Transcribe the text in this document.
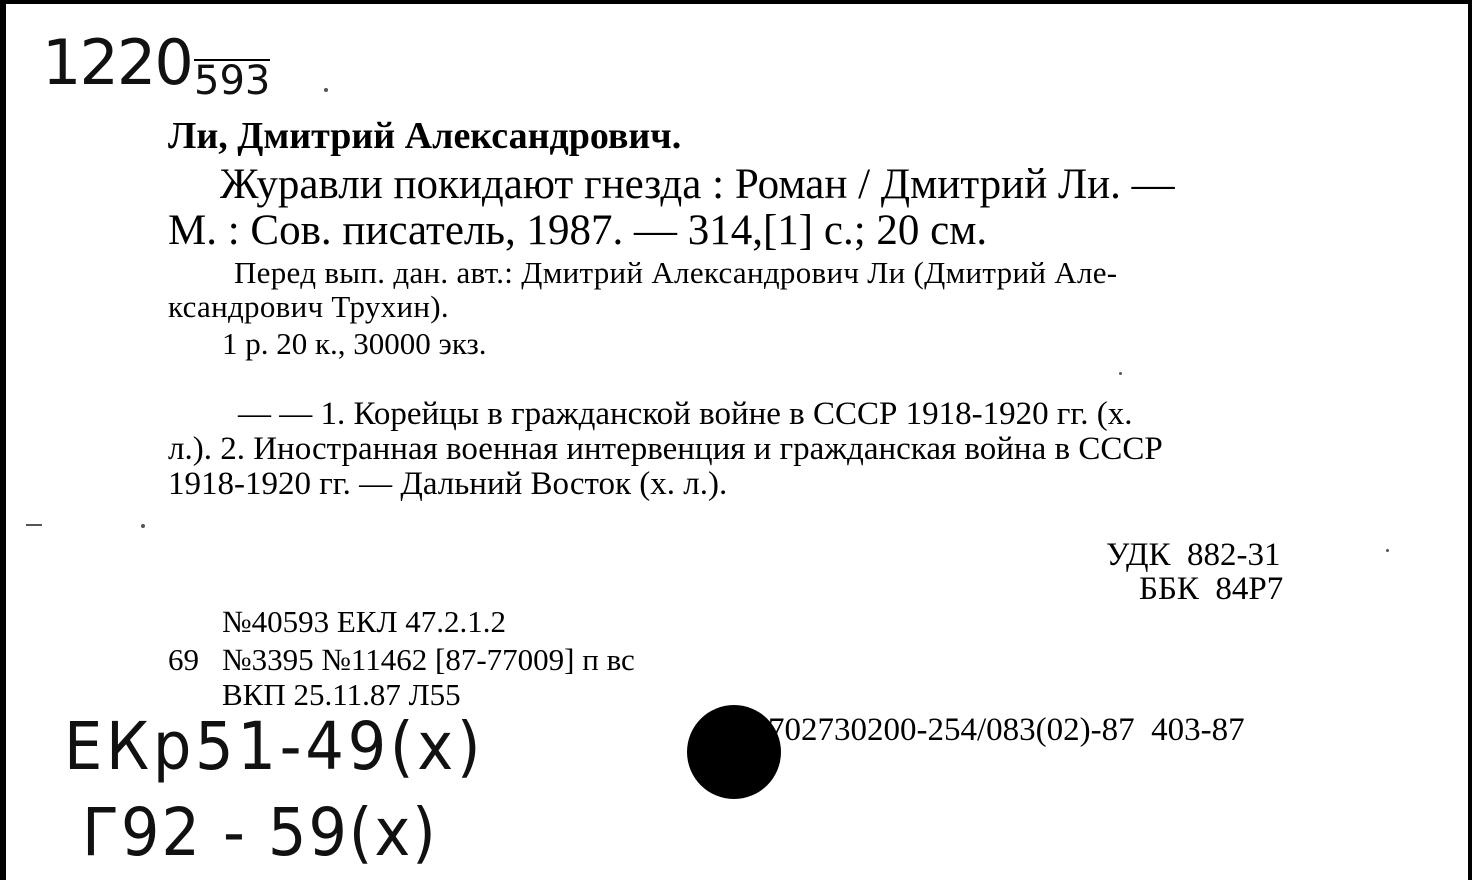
1220 593
Ли, Дмитрий Александрович.
Журавли покидают гнезда : Роман / Дмитрий Ли. —
М. : Сов. писатель, 1987. — 314,[1] с.; 20 см.
Перед вып. дан. авт.: Дмитрий Александрович Ли (Дмитрий Але-
ксандрович Трухин).
1 р. 20 к., 30000 экз.
— — 1. Корейцы в гражданской войне в СССР 1918-1920 гг. (х.
л.). 2. Иностранная военная интервенция и гражданская война в СССР
1918-1920 гг. — Дальний Восток (х. л.).
УДК  882-31
ББК  84Р7
№40593 ЕКЛ 47.2.1.2
69 №3395 №11462 [87-77009] п вс
ВКП 25.11.87 Л55
702730200-254/083(02)-87  403-87
ЕКр51-49(х)
Г92 - 59(х)
